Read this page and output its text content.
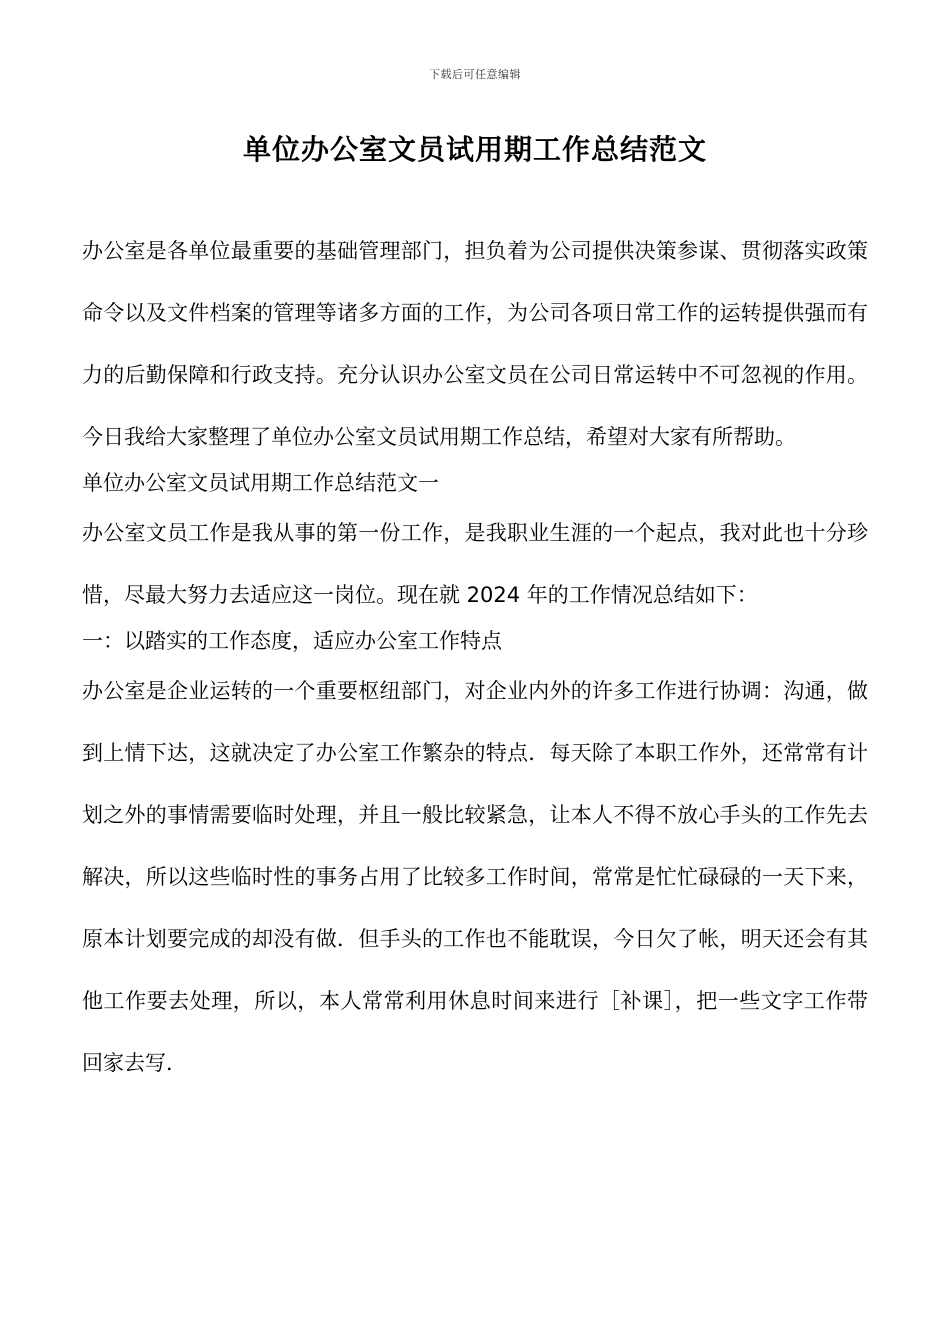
下载后可任意编辑
单位办公室文员试用期工作总结范文

办公室是各单位最重要的基础管理部门，担负着为公司提供决策参谋、贯彻落实政策命令以及文件档案的管理等诸多方面的工作，为公司各项日常工作的运转提供强而有力的后勤保障和行政支持。充分认识办公室文员在公司日常运转中不可忽视的作用。今日我给大家整理了单位办公室文员试用期工作总结，希望对大家有所帮助。

单位办公室文员试用期工作总结范文一

办公室文员工作是我从事的第一份工作，是我职业生涯的一个起点，我对此也十分珍惜，尽最大努力去适应这一岗位。现在就 2024 年的工作情况总结如下：

一：以踏实的工作态度，适应办公室工作特点

办公室是企业运转的一个重要枢纽部门，对企业内外的许多工作进行协调：沟通，做到上情下达，这就决定了办公室工作繁杂的特点．每天除了本职工作外，还常常有计划之外的事情需要临时处理，并且一般比较紧急，让本人不得不放心手头的工作先去解决，所以这些临时性的事务占用了比较多工作时间，常常是忙忙碌碌的一天下来，原本计划要完成的却没有做．但手头的工作也不能耽误，今日欠了帐，明天还会有其他工作要去处理，所以，本人常常利用休息时间来进行［补课］，把一些文字工作带回家去写．
